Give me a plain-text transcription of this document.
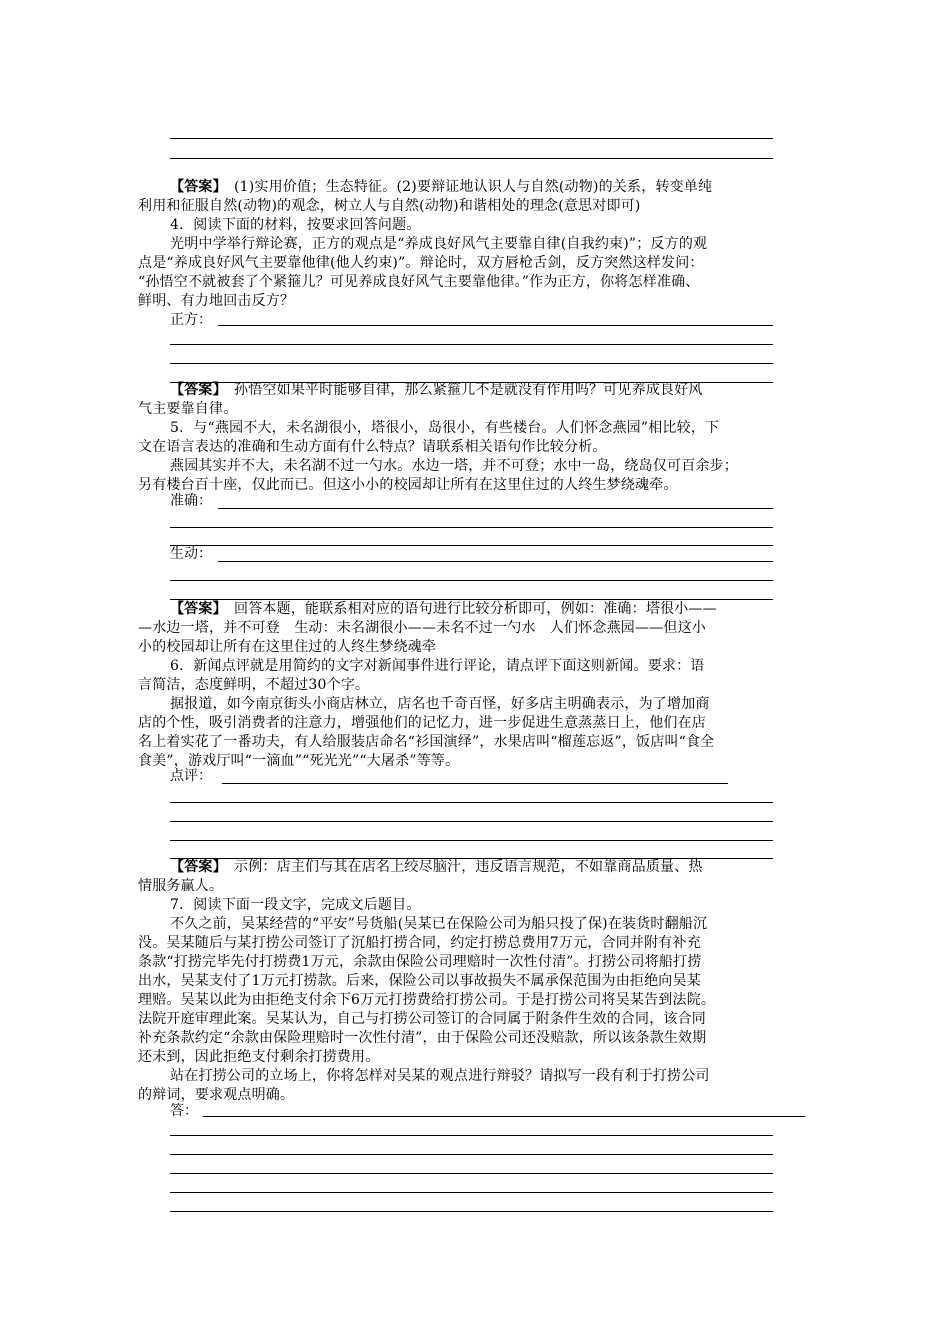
【答案】　 (1)实用价值；生态特征。(2)要辩证地认识人与自然(动物)的关系，转变单纯
利用和征服自然(动物)的观念，树立人与自然(动物)和谐相处的理念(意思对即可)
4．阅读下面的材料，按要求回答问题。
光明中学举行辩论赛，正方的观点是“养成良好风气主要靠自律(自我约束)”；反方的观
点是“养成良好风气主要靠他律(他人约束)”。辩论时，双方唇枪舌剑，反方突然这样发问：
“孙悟空不就被套了个紧箍儿？可见养成良好风气主要靠他律。”作为正方，你将怎样准确、
鲜明、有力地回击反方？
正方：
【答案】　 孙悟空如果平时能够自律，那么紧箍儿不是就没有作用吗？可见养成良好风
气主要靠自律。
5．与“燕园不大，未名湖很小，塔很小，岛很小，有些楼台。人们怀念燕园”相比较，下
文在语言表达的准确和生动方面有什么特点？请联系相关语句作比较分析。
燕园其实并不大，未名湖不过一勺水。水边一塔，并不可登；水中一岛，绕岛仅可百余步；
另有楼台百十座，仅此而已。但这小小的校园却让所有在这里住过的人终生梦绕魂牵。
准确：
生动：
【答案】　 回答本题，能联系相对应的语句进行比较分析即可，例如：准确：塔很小——
—水边一塔，并不可登　生动：未名湖很小——未名不过一勺水　人们怀念燕园——但这小
小的校园却让所有在这里住过的人终生梦绕魂牵
6．新闻点评就是用简约的文字对新闻事件进行评论，请点评下面这则新闻。要求：语
言简洁，态度鲜明，不超过30个字。
据报道，如今南京街头小商店林立，店名也千奇百怪，好多店主明确表示，为了增加商
店的个性，吸引消费者的注意力，增强他们的记忆力，进一步促进生意蒸蒸日上，他们在店
名上着实花了一番功夫，有人给服装店命名“衫国演绎”，水果店叫“榴莲忘返”，饭店叫“食全
食美”，游戏厅叫“一滴血”“死光光”“大屠杀”等等。
点评：
【答案】　 示例：店主们与其在店名上绞尽脑汁，违反语言规范，不如靠商品质量、热
情服务赢人。
7．阅读下面一段文字，完成文后题目。
不久之前，吴某经营的“平安”号货船(吴某已在保险公司为船只投了保)在装货时翻船沉
没。吴某随后与某打捞公司签订了沉船打捞合同，约定打捞总费用7万元，合同并附有补充
条款“打捞完毕先付打捞费1万元，余款由保险公司理赔时一次性付清”。打捞公司将船打捞
出水，吴某支付了1万元打捞款。后来，保险公司以事故损失不属承保范围为由拒绝向吴某
理赔。吴某以此为由拒绝支付余下6万元打捞费给打捞公司。于是打捞公司将吴某告到法院。
法院开庭审理此案。吴某认为，自己与打捞公司签订的合同属于附条件生效的合同，该合同
补充条款约定“余款由保险理赔时一次性付清”，由于保险公司还没赔款，所以该条款生效期
还未到，因此拒绝支付剩余打捞费用。
站在打捞公司的立场上，你将怎样对吴某的观点进行辩驳？请拟写一段有利于打捞公司
的辩词，要求观点明确。
答：
